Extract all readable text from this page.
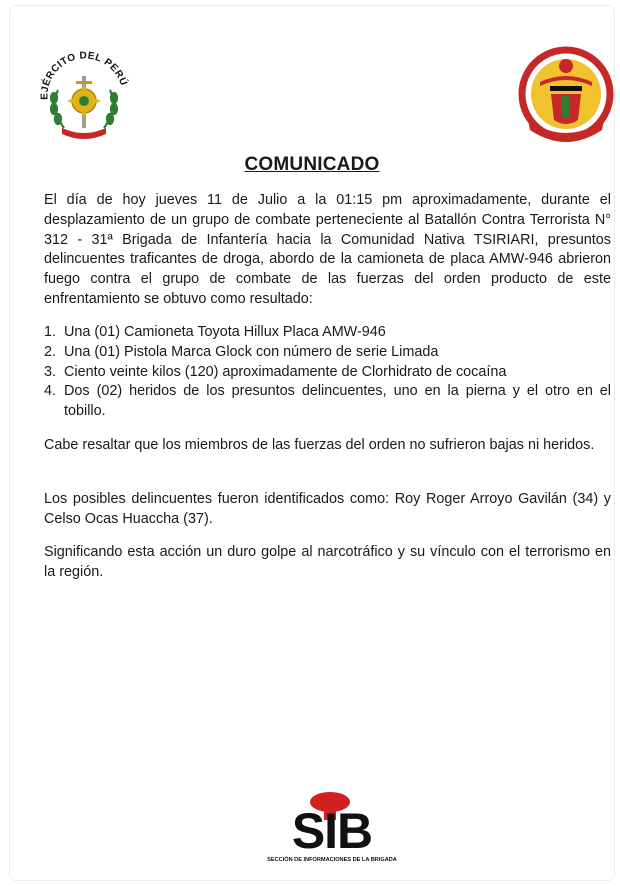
EJÉRCITO DEL PERÚ
COMUNICADO
El día de hoy jueves 11 de Julio a la 01:15 pm aproximadamente, durante el desplazamiento de un grupo de combate perteneciente al Batallón Contra Terrorista N° 312 - 31ª Brigada de Infantería hacia la Comunidad Nativa TSIRIARI, presuntos delincuentes traficantes de droga, abordo de la camioneta de placa AMW-946 abrieron fuego contra el grupo de combate de las fuerzas del orden producto de este enfrentamiento se obtuvo como resultado:
1. Una (01) Camioneta Toyota Hillux Placa AMW-946
2. Una (01) Pistola Marca Glock con número de serie Limada
3. Ciento veinte kilos (120) aproximadamente de Clorhidrato de cocaína
4. Dos (02) heridos de los presuntos delincuentes, uno en la pierna y el otro en el tobillo.
Cabe resaltar que los miembros de las fuerzas del orden no sufrieron bajas ni heridos.
Los posibles delincuentes fueron identificados como: Roy Roger Arroyo Gavilán (34) y Celso Ocas Huaccha (37).
Significando esta acción un duro golpe al narcotráfico y su vínculo con el terrorismo en la región.
SIB
SECCIÓN DE INFORMACIONES DE LA BRIGADA
